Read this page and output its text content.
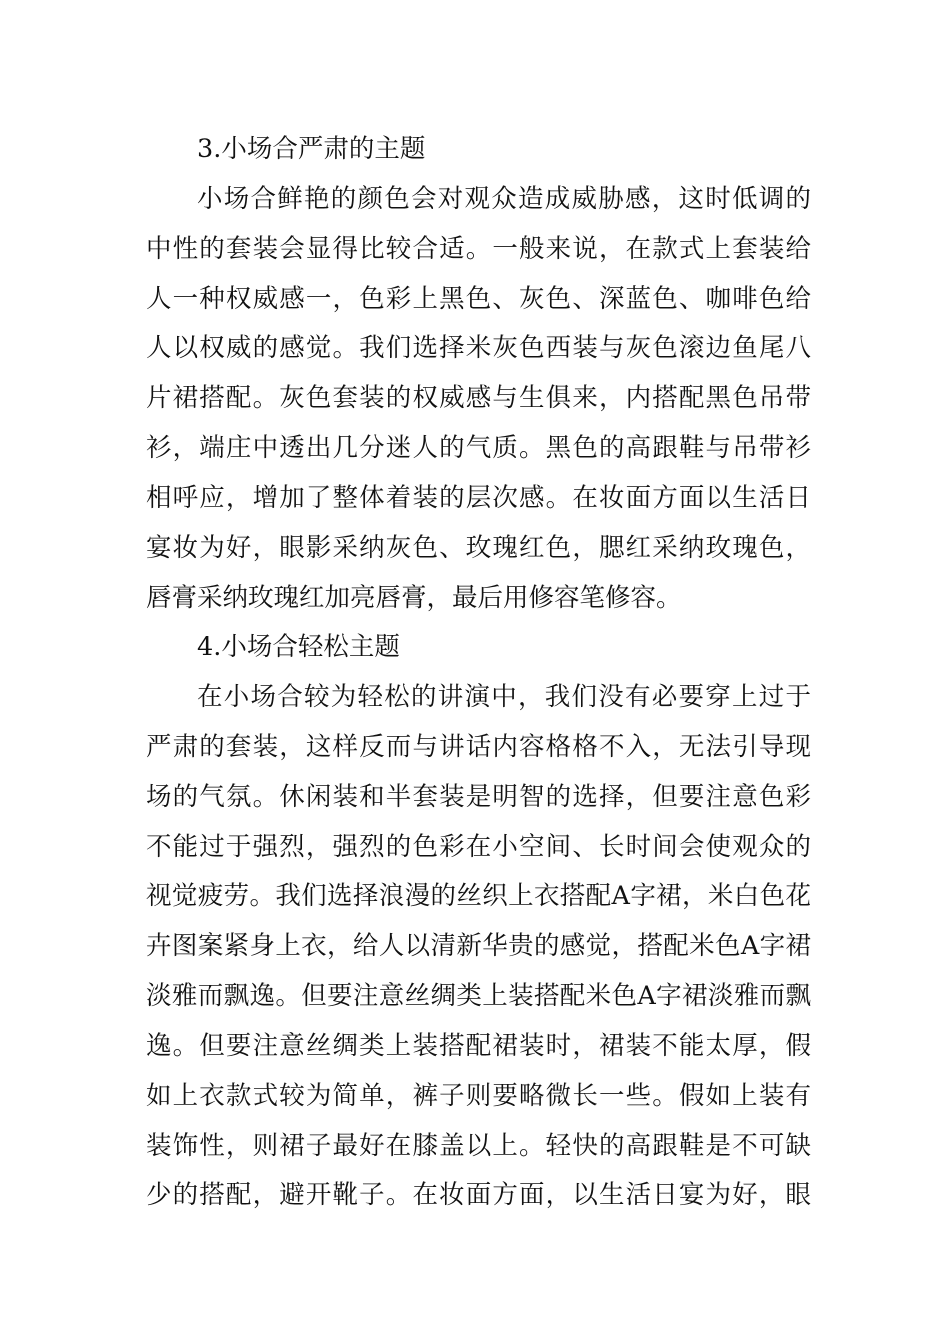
3.小场合严肃的主题
小场合鲜艳的颜色会对观众造成威胁感，这时低调的
中性的套装会显得比较合适。一般来说，在款式上套装给
人一种权威感一，色彩上黑色、灰色、深蓝色、咖啡色给
人以权威的感觉。我们选择米灰色西装与灰色滚边鱼尾八
片裙搭配。灰色套装的权威感与生俱来，内搭配黑色吊带
衫，端庄中透出几分迷人的气质。黑色的高跟鞋与吊带衫
相呼应，增加了整体着装的层次感。在妆面方面以生活日
宴妆为好，眼影采纳灰色、玫瑰红色，腮红采纳玫瑰色，
唇膏采纳玫瑰红加亮唇膏，最后用修容笔修容。
4.小场合轻松主题
在小场合较为轻松的讲演中，我们没有必要穿上过于
严肃的套装，这样反而与讲话内容格格不入，无法引导现
场的气氛。休闲装和半套装是明智的选择，但要注意色彩
不能过于强烈，强烈的色彩在小空间、长时间会使观众的
视觉疲劳。我们选择浪漫的丝织上衣搭配A字裙，米白色花
卉图案紧身上衣，给人以清新华贵的感觉，搭配米色A字裙
淡雅而飘逸。但要注意丝绸类上装搭配米色A字裙淡雅而飘
逸。但要注意丝绸类上装搭配裙装时，裙装不能太厚，假
如上衣款式较为简单，裤子则要略微长一些。假如上装有
装饰性，则裙子最好在膝盖以上。轻快的高跟鞋是不可缺
少的搭配，避开靴子。在妆面方面，以生活日宴为好，眼
